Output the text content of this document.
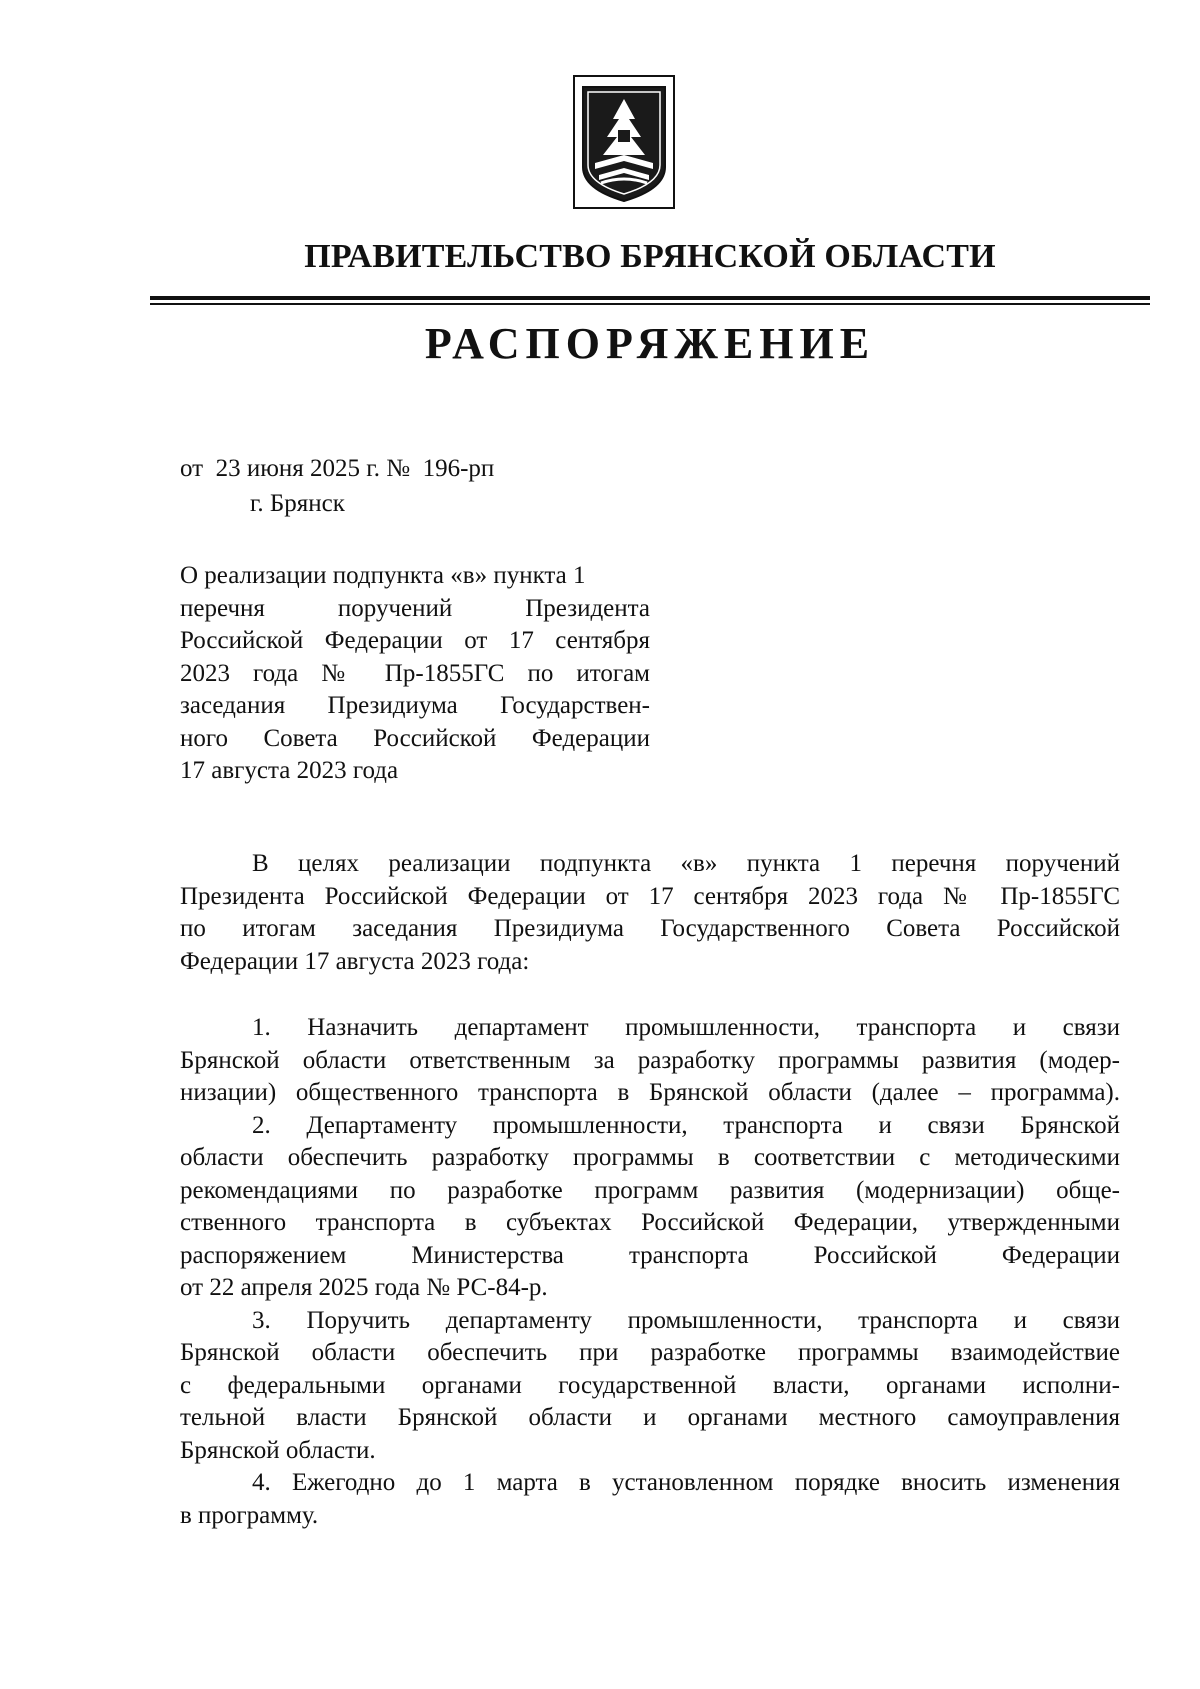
ПРАВИТЕЛЬСТВО БРЯНСКОЙ ОБЛАСТИ
РАСПОРЯЖЕНИЕ
от  23 июня 2025 г. №  196-рп
г. Брянск
О реализации подпункта «в» пункта 1
перечня поручений Президента
Российской Федерации от 17 сентября
2023 года № Пр-1855ГС по итогам
заседания Президиума Государствен-
ного Совета Российской Федерации
17 августа 2023 года
В целях реализации подпункта «в» пункта 1 перечня поручений
Президента Российской Федерации от 17 сентября 2023 года № Пр-1855ГС
по итогам заседания Президиума Государственного Совета Российской
Федерации 17 августа 2023 года:
1. Назначить департамент промышленности, транспорта и связи
Брянской области ответственным за разработку программы развития (модер-
низации) общественного транспорта в Брянской области (далее – программа).
2. Департаменту промышленности, транспорта и связи Брянской
области обеспечить разработку программы в соответствии с методическими
рекомендациями по разработке программ развития (модернизации) обще-
ственного транспорта в субъектах Российской Федерации, утвержденными
распоряжением Министерства транспорта Российской Федерации
от 22 апреля 2025 года № РС-84-р.
3. Поручить департаменту промышленности, транспорта и связи
Брянской области обеспечить при разработке программы взаимодействие
с федеральными органами государственной власти, органами исполни-
тельной власти Брянской области и органами местного самоуправления
Брянской области.
4. Ежегодно до 1 марта в установленном порядке вносить изменения
в программу.
